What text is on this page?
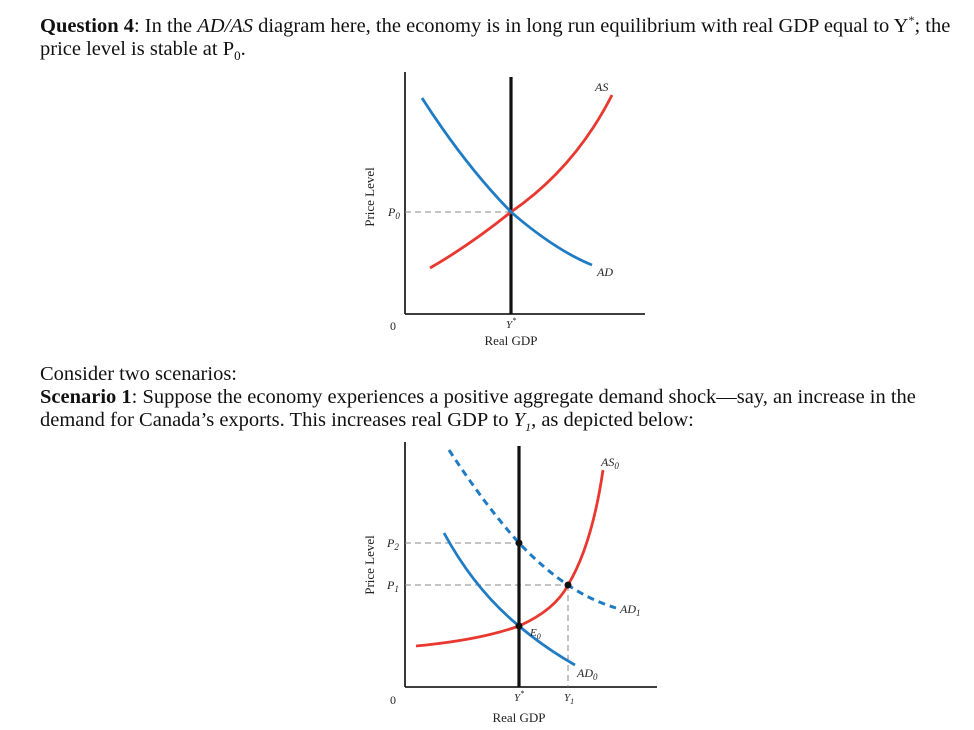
Question 4: In the AD/AS diagram here, the economy is in long run equilibrium with real GDP equal to Y*; the price level is stable at $P_0$.

Price Level $P_0$
0	Y*
Real GDP
AS
AD

Consider two scenarios:

Scenario 1: Suppose the economy experiences a positive aggregate demand shock—say, an increase in the demand for Canada’s exports. This increases real GDP to $Y_1$, as depicted below:

Price Level $P_2$
$P_1$
0	Y*	$Y_1$
Real GDP
$AS_0$
$AD_1$
$AD_0$
$E_0$
